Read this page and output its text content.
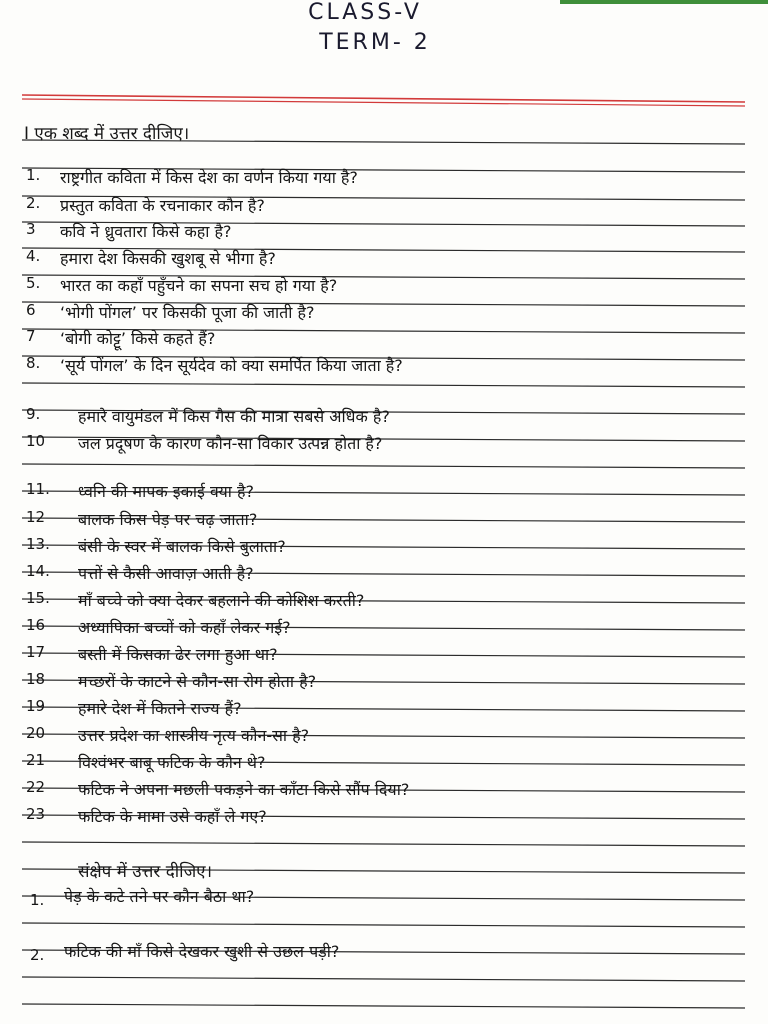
CLASS-V
TERM- 2
I एक शब्द में उत्तर दीजिए।
1. राष्ट्रगीत कविता में किस देश का वर्णन किया गया है?
2. प्रस्तुत कविता के रचनाकार कौन है?
3 कवि ने ध्रुवतारा किसे कहा है?
4. हमारा देश किसकी खुशबू से भीगा है?
5. भारत का कहाँ पहुँचने का सपना सच हो गया है?
6 ‘भोगी पोंगल’ पर किसकी पूजा की जाती है?
7 ‘बोगी कोट्टू’ किसे कहते हैं?
8. ‘सूर्य पोंगल’ के दिन सूर्यदेव को क्या समर्पित किया जाता है?
9. हमारे वायुमंडल में किस गैस की मात्रा सबसे अधिक है?
10 जल प्रदूषण के कारण कौन-सा विकार उत्पन्न होता है?
11. ध्वनि की मापक इकाई क्या है?
12 बालक किस पेड़ पर चढ़ जाता?
13. बंसी के स्वर में बालक किसे बुलाता?
14. पत्तों से कैसी आवाज़ आती है?
15. माँ बच्चे को क्या देकर बहलाने की कोशिश करती?
16 अध्यापिका बच्चों को कहाँ लेकर गई?
17 बस्ती में किसका ढेर लगा हुआ था?
18 मच्छरों के काटने से कौन-सा रोग होता है?
19 हमारे देश में कितने राज्य हैं?
20 उत्तर प्रदेश का शास्त्रीय नृत्य कौन-सा है?
21 विश्वंभर बाबू फटिक के कौन थे?
22 फटिक ने अपना मछली पकड़ने का काँटा किसे सौंप दिया?
23 फटिक के मामा उसे कहाँ ले गए?
संक्षेप में उत्तर दीजिए।
1. पेड़ के कटे तने पर कौन बैठा था?
2. फटिक की माँ किसे देखकर खुशी से उछल पड़ी?
